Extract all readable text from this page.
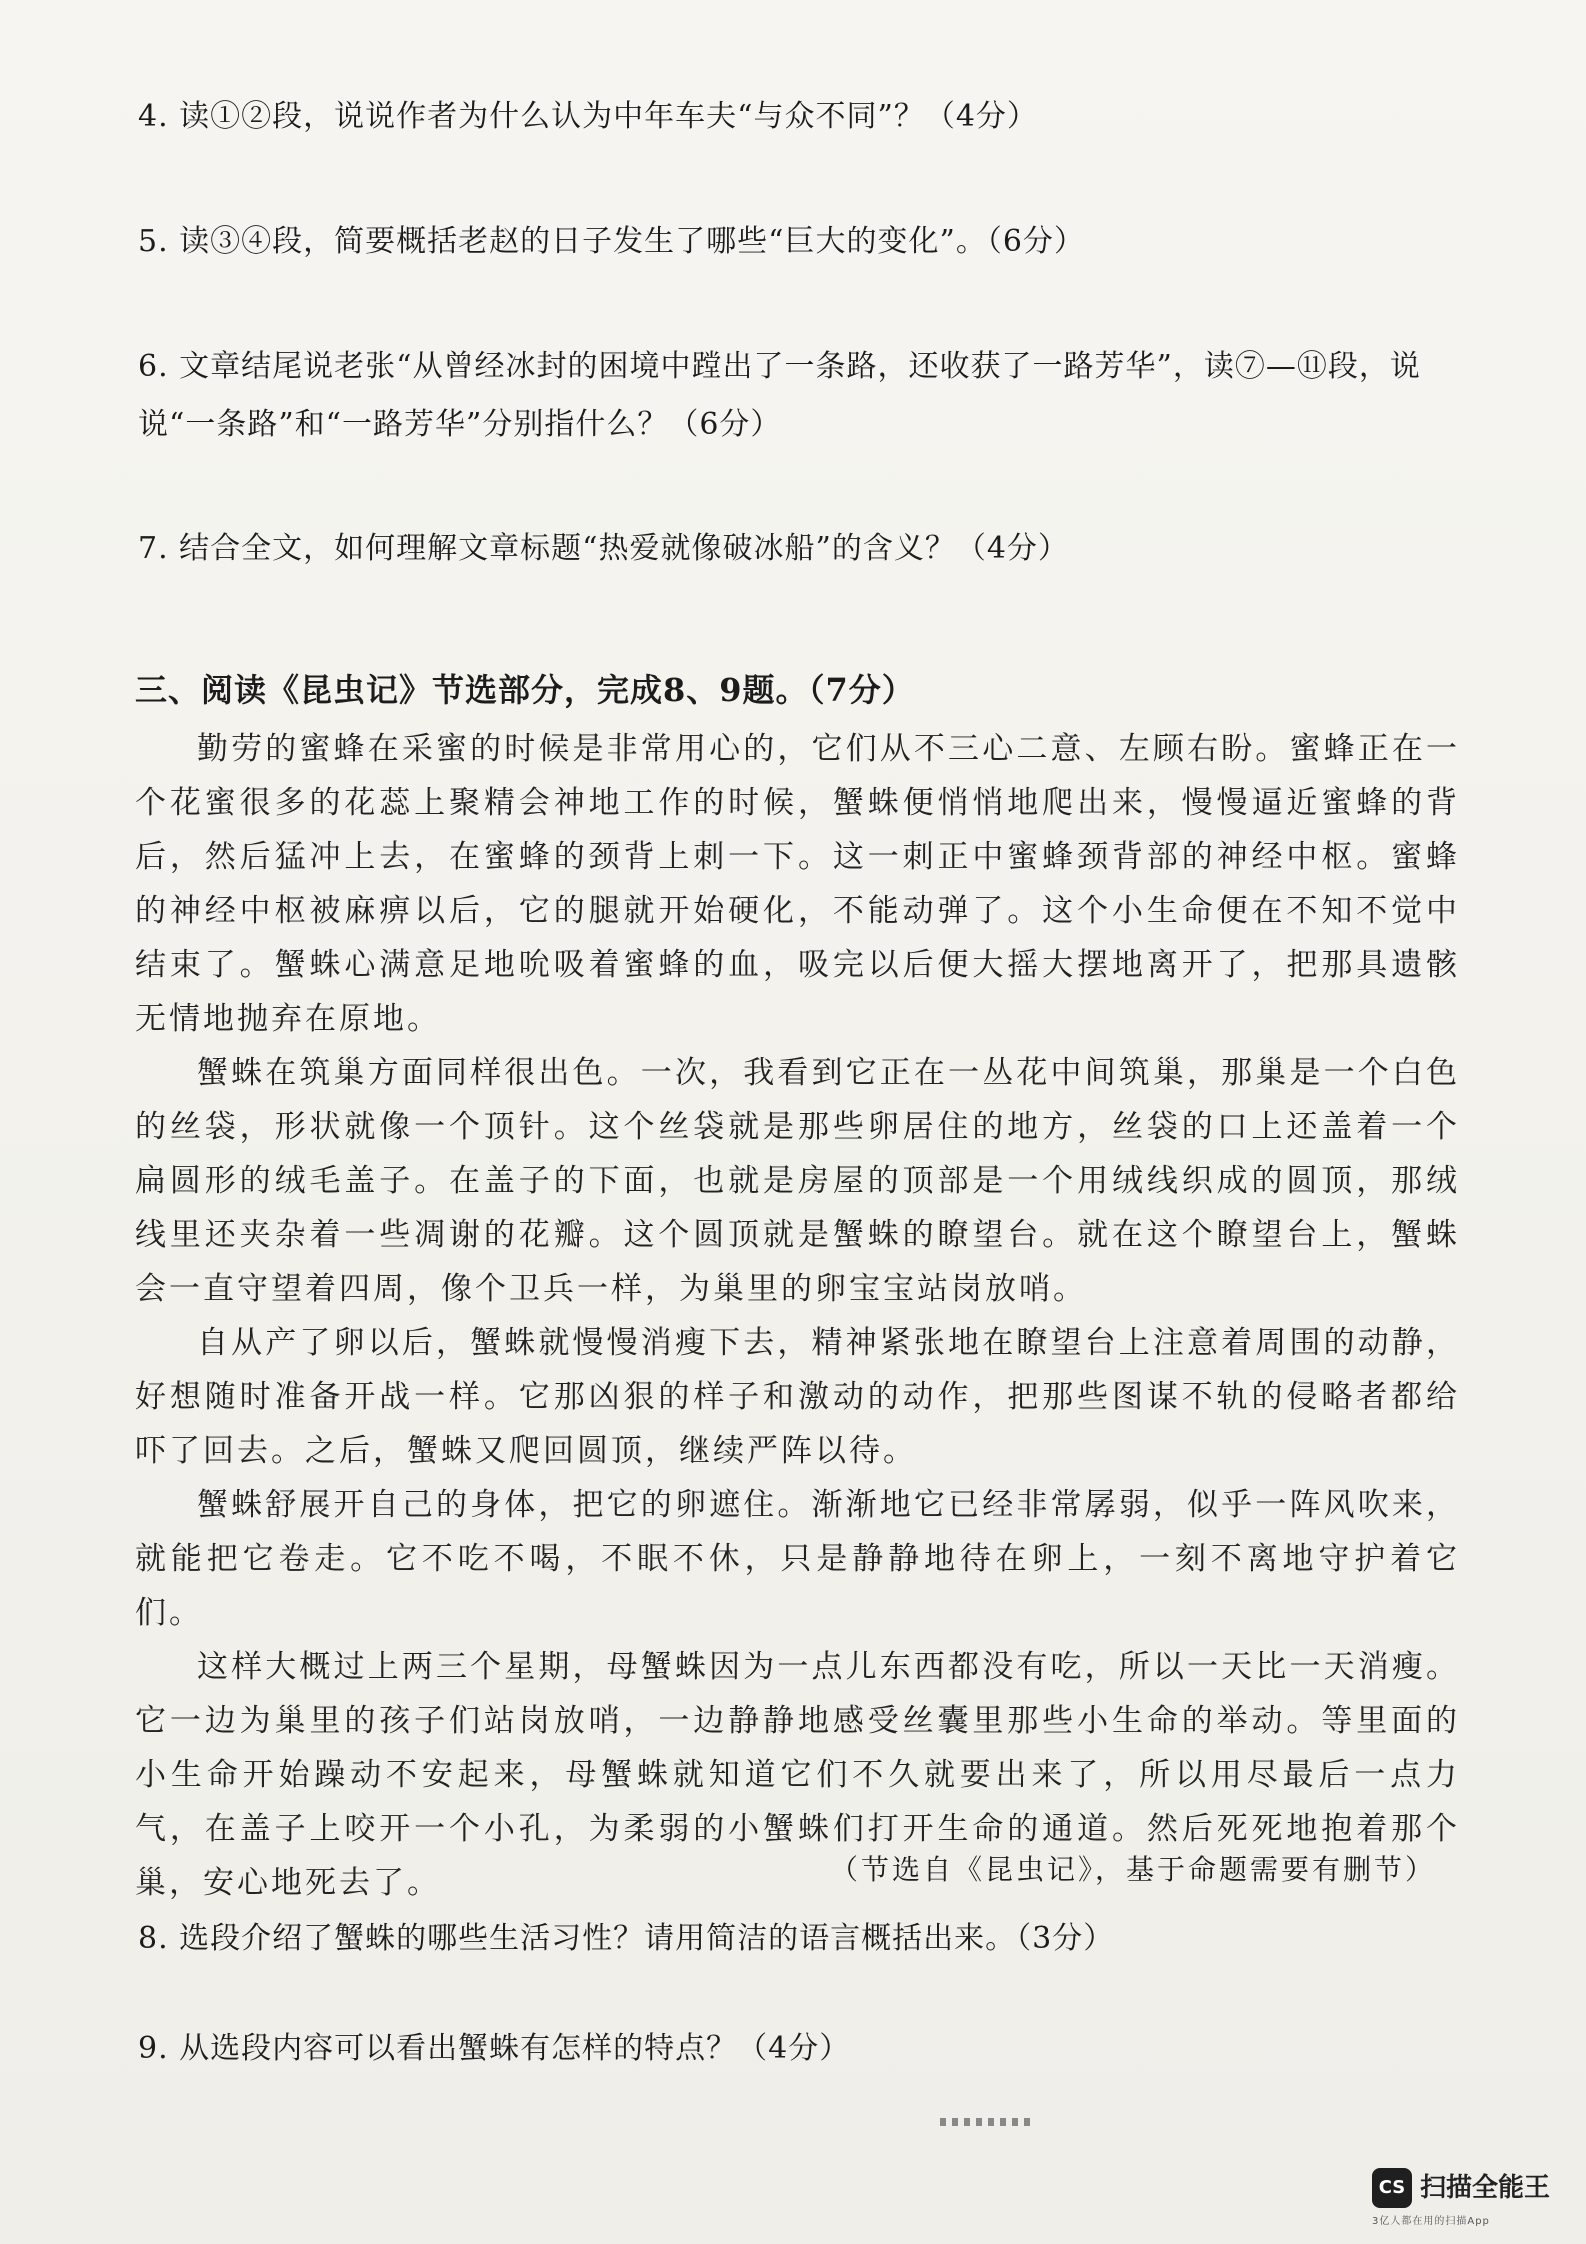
4. 读①②段，说说作者为什么认为中年车夫“与众不同”？（4分）

5. 读③④段，简要概括老赵的日子发生了哪些“巨大的变化”。（6分）

6. 文章结尾说老张“从曾经冰封的困境中蹚出了一条路，还收获了一路芳华”，读⑦—⑪段，说说“一条路”和“一路芳华”分别指什么？（6分）

7. 结合全文，如何理解文章标题“热爱就像破冰船”的含义？（4分）

三、阅读《昆虫记》节选部分，完成8、9题。（7分）

勤劳的蜜蜂在采蜜的时候是非常用心的，它们从不三心二意、左顾右盼。蜜蜂正在一个花蜜很多的花蕊上聚精会神地工作的时候，蟹蛛便悄悄地爬出来，慢慢逼近蜜蜂的背后，然后猛冲上去，在蜜蜂的颈背上刺一下。这一刺正中蜜蜂颈背部的神经中枢。蜜蜂的神经中枢被麻痹以后，它的腿就开始硬化，不能动弹了。这个小生命便在不知不觉中结束了。蟹蛛心满意足地吮吸着蜜蜂的血，吸完以后便大摇大摆地离开了，把那具遗骸无情地抛弃在原地。

蟹蛛在筑巢方面同样很出色。一次，我看到它正在一丛花中间筑巢，那巢是一个白色的丝袋，形状就像一个顶针。这个丝袋就是那些卵居住的地方，丝袋的口上还盖着一个扁圆形的绒毛盖子。在盖子的下面，也就是房屋的顶部是一个用绒线织成的圆顶，那绒线里还夹杂着一些凋谢的花瓣。这个圆顶就是蟹蛛的瞭望台。就在这个瞭望台上，蟹蛛会一直守望着四周，像个卫兵一样，为巢里的卵宝宝站岗放哨。

自从产了卵以后，蟹蛛就慢慢消瘦下去，精神紧张地在瞭望台上注意着周围的动静，好想随时准备开战一样。它那凶狠的样子和激动的动作，把那些图谋不轨的侵略者都给吓了回去。之后，蟹蛛又爬回圆顶，继续严阵以待。

蟹蛛舒展开自己的身体，把它的卵遮住。渐渐地它已经非常孱弱，似乎一阵风吹来，就能把它卷走。它不吃不喝，不眠不休，只是静静地待在卵上，一刻不离地守护着它们。

这样大概过上两三个星期，母蟹蛛因为一点儿东西都没有吃，所以一天比一天消瘦。它一边为巢里的孩子们站岗放哨，一边静静地感受丝囊里那些小生命的举动。等里面的小生命开始躁动不安起来，母蟹蛛就知道它们不久就要出来了，所以用尽最后一点力气，在盖子上咬开一个小孔，为柔弱的小蟹蛛们打开生命的通道。然后死死地抱着那个巢，安心地死去了。	（节选自《昆虫记》，基于命题需要有删节）

8. 选段介绍了蟹蛛的哪些生活习性？请用简洁的语言概括出来。（3分）

9. 从选段内容可以看出蟹蛛有怎样的特点？（4分）

CS 扫描全能王
3亿人都在用的扫描App
